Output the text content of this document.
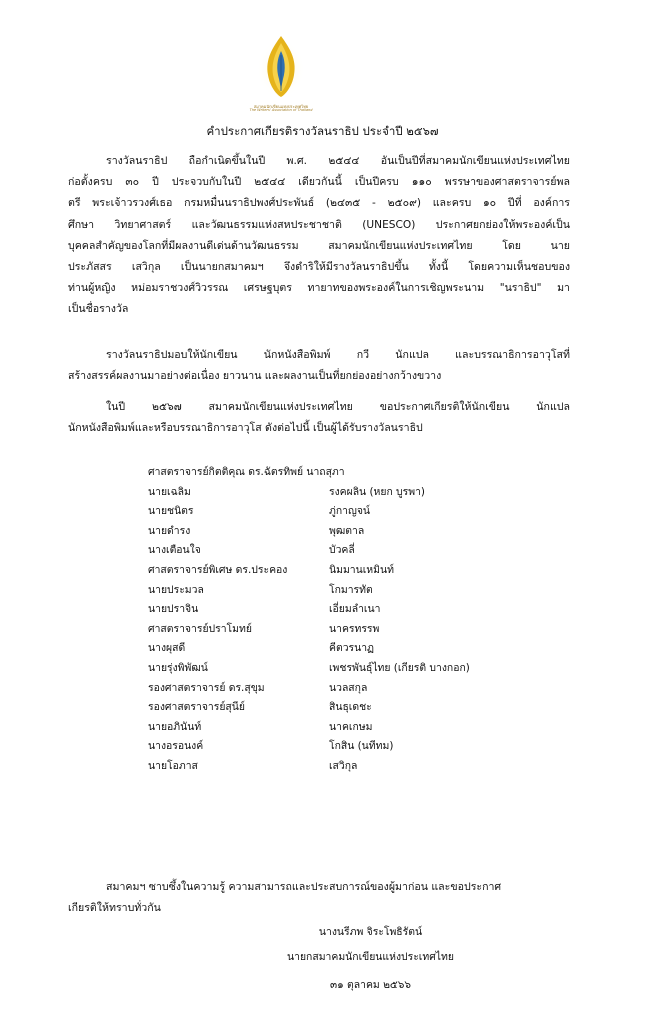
สมาคมนักเขียนแห่งประเทศไทย
The Writers' Association of Thailand
คำประกาศเกียรติรางวัลนราธิป ประจำปี ๒๕๖๗
รางวัลนราธิป ถือกำเนิดขึ้นในปี พ.ศ. ๒๕๔๔ อันเป็นปีที่สมาคมนักเขียนแห่งประเทศไทย
ก่อตั้งครบ ๓๐ ปี ประจวบกับในปี ๒๕๔๔ เดียวกันนี้ เป็นปีครบ ๑๑๐ พรรษาของศาสตราจารย์พล
ตรี พระเจ้าวรวงศ์เธอ กรมหมื่นนราธิปพงศ์ประพันธ์ (๒๔๓๕ - ๒๕๐๙) และครบ ๑๐ ปีที่ องค์การ
ศึกษา วิทยาศาสตร์ และวัฒนธรรมแห่งสหประชาชาติ (UNESCO) ประกาศยกย่องให้พระองค์เป็น
บุคคลสำคัญของโลกที่มีผลงานดีเด่นด้านวัฒนธรรม สมาคมนักเขียนแห่งประเทศไทย โดย นาย
ประภัสสร เสวิกุล เป็นนายกสมาคมฯ จึงดำริให้มีรางวัลนราธิปขึ้น ทั้งนี้ โดยความเห็นชอบของ
ท่านผู้หญิง หม่อมราชวงศ์วิวรรณ เศรษฐบุตร ทายาทของพระองค์ในการเชิญพระนาม "นราธิป" มา
เป็นชื่อรางวัล
รางวัลนราธิปมอบให้นักเขียน นักหนังสือพิมพ์ กวี นักแปล และบรรณาธิการอาวุโสที่
สร้างสรรค์ผลงานมาอย่างต่อเนื่อง ยาวนาน และผลงานเป็นที่ยกย่องอย่างกว้างขวาง
ในปี ๒๕๖๗ สมาคมนักเขียนแห่งประเทศไทย ขอประกาศเกียรติให้นักเขียน นักแปล
นักหนังสือพิมพ์และหรือบรรณาธิการอาวุโส ดังต่อไปนี้ เป็นผู้ได้รับรางวัลนราธิป
ศาสตราจารย์กิตติคุณ ดร.ฉัตรทิพย์ นาถสุภา
นายเฉลิม	รงคผลิน (หยก บูรพา)
นายชนิตร	ภู่กาญจน์
นายดำรง	พุฒตาล
นางเตือนใจ	บัวคลี่
ศาสตราจารย์พิเศษ ดร.ประคอง	นิมมานเหมินท์
นายประมวล	โกมารทัต
นายปราจิน	เอี่ยมลำเนา
ศาสตราจารย์ปราโมทย์	นาครทรรพ
นางผุสดี	คีตวรนาฏ
นายรุ่งพิพัฒน์	เพชรพันธุ์ไทย (เกียรติ บางกอก)
รองศาสตราจารย์ ดร.สุขุม	นวลสกุล
รองศาสตราจารย์สุนีย์	สินธุเดชะ
นายอภินันท์	นาคเกษม
นางอรอนงค์	โกสิน (นทีทม)
นายโอภาส	เสวิกุล
สมาคมฯ ซาบซึ้งในความรู้ ความสามารถและประสบการณ์ของผู้มาก่อน และขอประกาศ
เกียรติให้ทราบทั่วกัน
นางนรีภพ จิระโพธิรัตน์
นายกสมาคมนักเขียนแห่งประเทศไทย
๓๑ ตุลาคม ๒๕๖๖
